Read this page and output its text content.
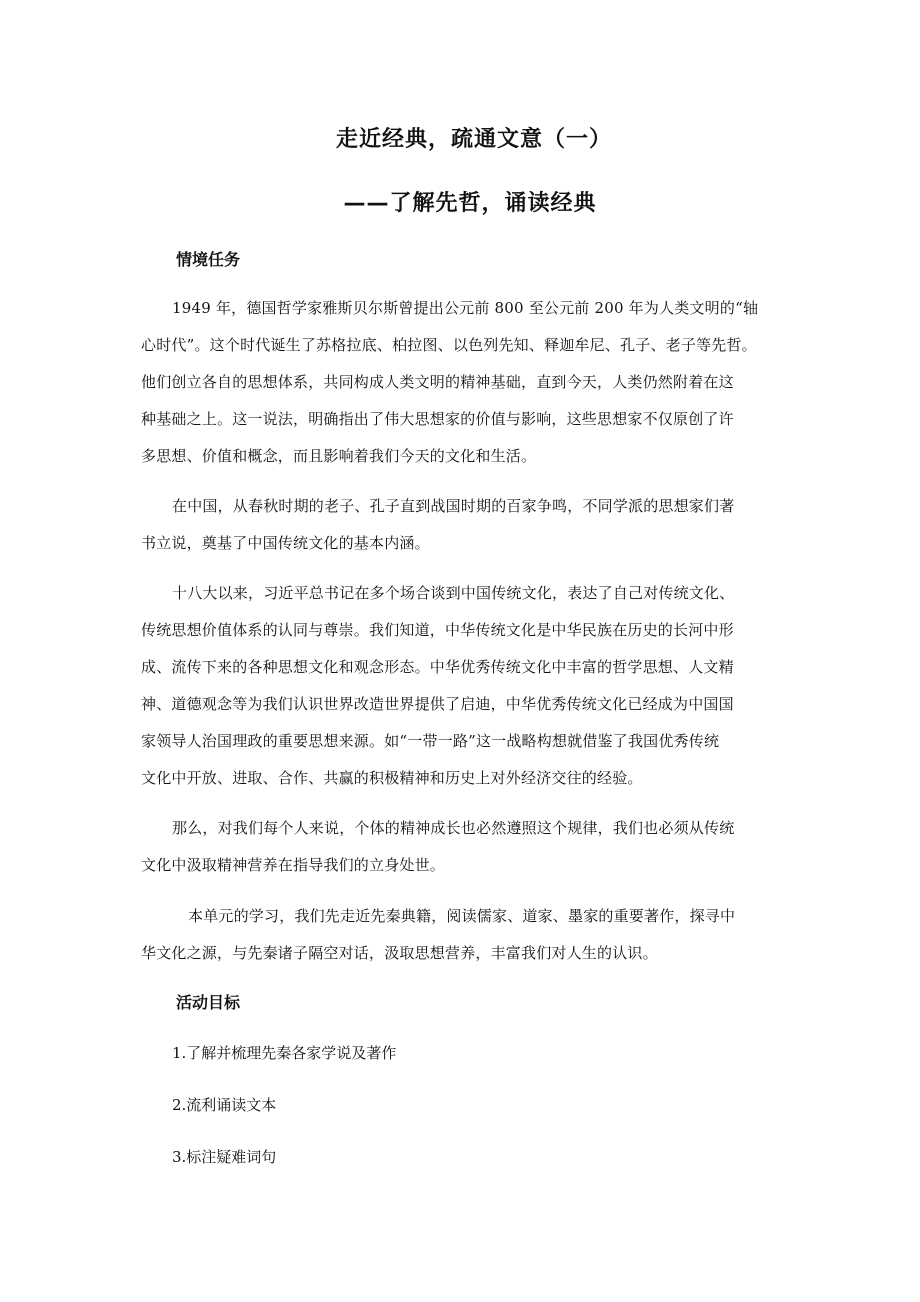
走近经典，疏通文意（一）
——了解先哲，诵读经典
情境任务
1949 年，德国哲学家雅斯贝尔斯曾提出公元前 800 至公元前 200 年为人类文明的“轴
心时代”。这个时代诞生了苏格拉底、柏拉图、以色列先知、释迦牟尼、孔子、老子等先哲。
他们创立各自的思想体系，共同构成人类文明的精神基础，直到今天，人类仍然附着在这
种基础之上。这一说法，明确指出了伟大思想家的价值与影响，这些思想家不仅原创了许
多思想、价值和概念，而且影响着我们今天的文化和生活。
在中国，从春秋时期的老子、孔子直到战国时期的百家争鸣，不同学派的思想家们著
书立说，奠基了中国传统文化的基本内涵。
十八大以来，习近平总书记在多个场合谈到中国传统文化，表达了自己对传统文化、
传统思想价值体系的认同与尊崇。我们知道，中华传统文化是中华民族在历史的长河中形
成、流传下来的各种思想文化和观念形态。中华优秀传统文化中丰富的哲学思想、人文精
神、道德观念等为我们认识世界改造世界提供了启迪，中华优秀传统文化已经成为中国国
家领导人治国理政的重要思想来源。如“一带一路”这一战略构想就借鉴了我国优秀传统
文化中开放、进取、合作、共赢的积极精神和历史上对外经济交往的经验。
那么，对我们每个人来说，个体的精神成长也必然遵照这个规律，我们也必须从传统
文化中汲取精神营养在指导我们的立身处世。
本单元的学习，我们先走近先秦典籍，阅读儒家、道家、墨家的重要著作，探寻中
华文化之源，与先秦诸子隔空对话，汲取思想营养，丰富我们对人生的认识。
活动目标
1.了解并梳理先秦各家学说及著作
2.流利诵读文本
3.标注疑难词句
